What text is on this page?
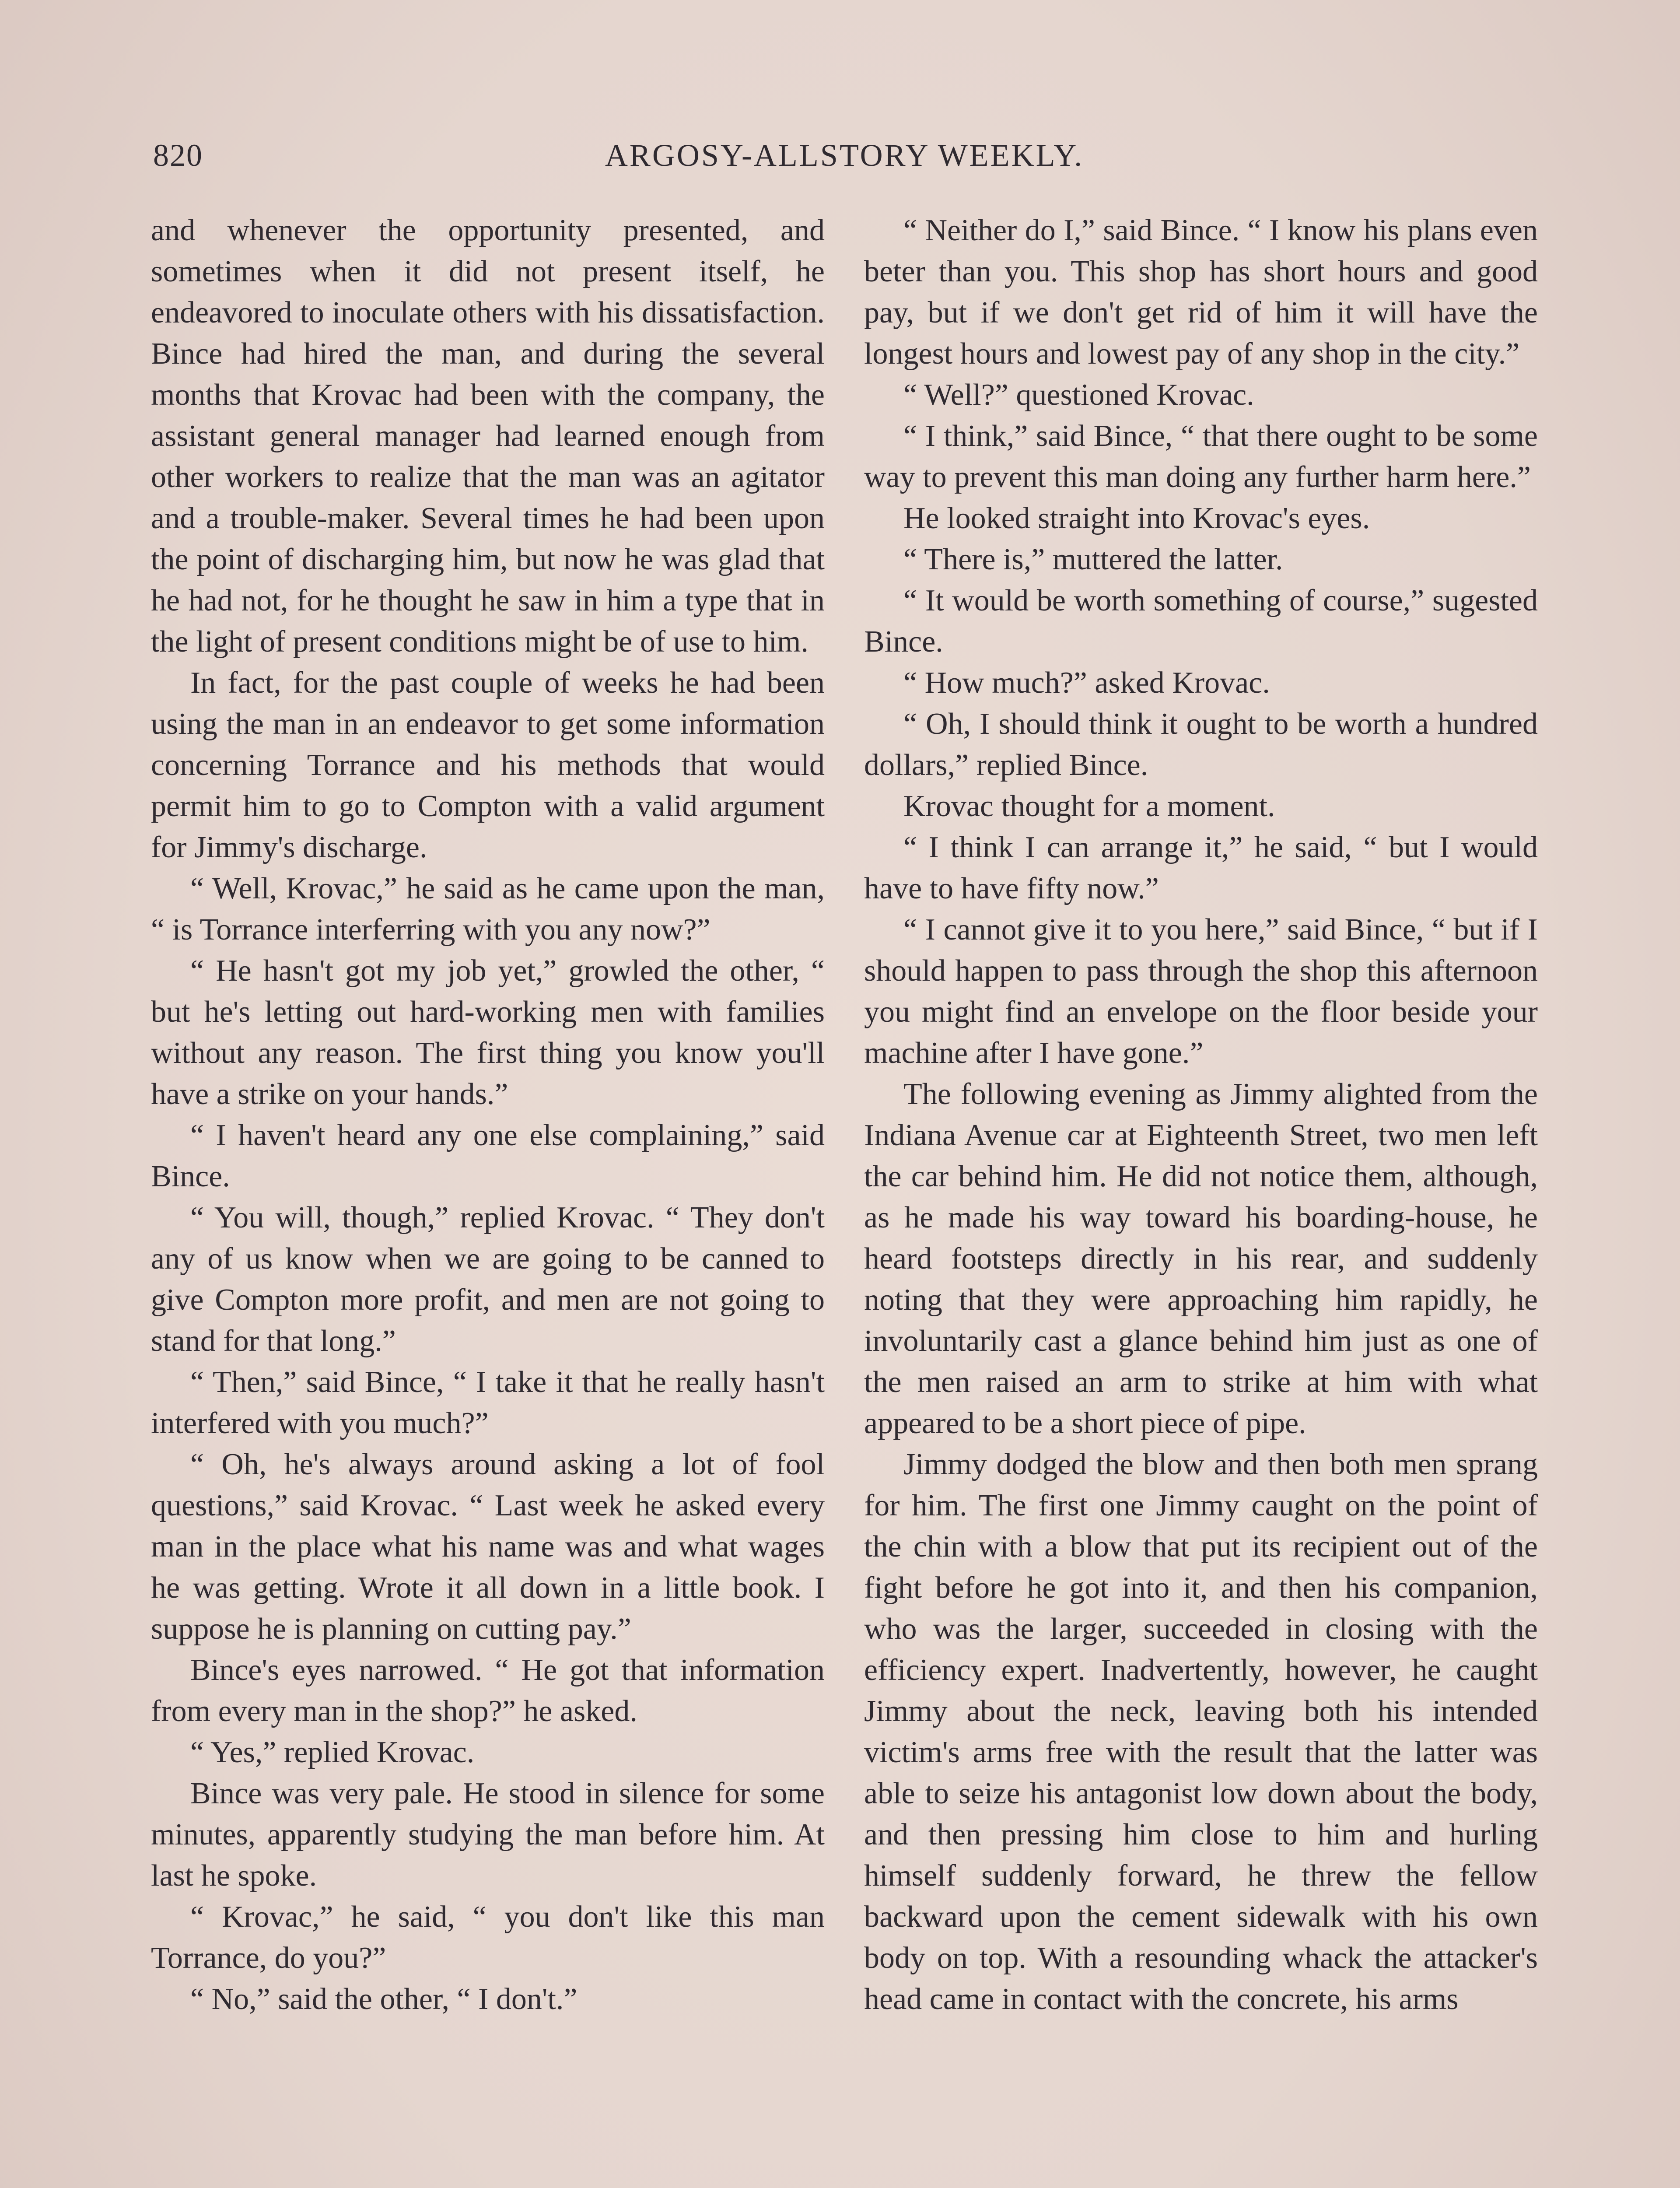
820	ARGOSY-ALLSTORY WEEKLY.

and whenever the opportunity presented, and sometimes when it did not present itself, he endeavored to inoculate others with his dissatisfaction. Bince had hired the man, and during the several months that Krovac had been with the company, the assistant general manager had learned enough from other workers to realize that the man was an agitator and a trouble-maker. Several times he had been upon the point of discharging him, but now he was glad that he had not, for he thought he saw in him a type that in the light of present conditions might be of use to him.

In fact, for the past couple of weeks he had been using the man in an endeavor to get some information concerning Torrance and his methods that would permit him to go to Compton with a valid argument for Jimmy's discharge.

“ Well, Krovac,” he said as he came upon the man, “ is Torrance interferring with you any now?”

“ He hasn't got my job yet,” growled the other, “ but he's letting out hard-working men with families without any reason. The first thing you know you'll have a strike on your hands.”

“ I haven't heard any one else complaining,” said Bince.

“ You will, though,” replied Krovac. “ They don't any of us know when we are going to be canned to give Compton more profit, and men are not going to stand for that long.”

“ Then,” said Bince, “ I take it that he really hasn't interfered with you much?”

“ Oh, he's always around asking a lot of fool questions,” said Krovac. “ Last week he asked every man in the place what his name was and what wages he was getting. Wrote it all down in a little book. I suppose he is planning on cutting pay.”

Bince's eyes narrowed. “ He got that information from every man in the shop?” he asked.

“ Yes,” replied Krovac.

Bince was very pale. He stood in silence for some minutes, apparently studying the man before him. At last he spoke.

“ Krovac,” he said, “ you don't like this man Torrance, do you?”

“ No,” said the other, “ I don't.”

“ Neither do I,” said Bince. “ I know his plans even beter than you. This shop has short hours and good pay, but if we don't get rid of him it will have the longest hours and lowest pay of any shop in the city.”

“ Well?” questioned Krovac.

“ I think,” said Bince, “ that there ought to be some way to prevent this man doing any further harm here.”

He looked straight into Krovac's eyes.

“ There is,” muttered the latter.

“ It would be worth something of course,” sugested Bince.

“ How much?” asked Krovac.

“ Oh, I should think it ought to be worth a hundred dollars,” replied Bince.

Krovac thought for a moment.

“ I think I can arrange it,” he said, “ but I would have to have fifty now.”

“ I cannot give it to you here,” said Bince, “ but if I should happen to pass through the shop this afternoon you might find an envelope on the floor beside your machine after I have gone.”

The following evening as Jimmy alighted from the Indiana Avenue car at Eighteenth Street, two men left the car behind him. He did not notice them, although, as he made his way toward his boarding-house, he heard footsteps directly in his rear, and suddenly noting that they were approaching him rapidly, he involuntarily cast a glance behind him just as one of the men raised an arm to strike at him with what appeared to be a short piece of pipe.

Jimmy dodged the blow and then both men sprang for him. The first one Jimmy caught on the point of the chin with a blow that put its recipient out of the fight before he got into it, and then his companion, who was the larger, succeeded in closing with the efficiency expert. Inadvertently, however, he caught Jimmy about the neck, leaving both his intended victim's arms free with the result that the latter was able to seize his antagonist low down about the body, and then pressing him close to him and hurling himself suddenly forward, he threw the fellow backward upon the cement sidewalk with his own body on top. With a resounding whack the attacker's head came in contact with the concrete, his arms
